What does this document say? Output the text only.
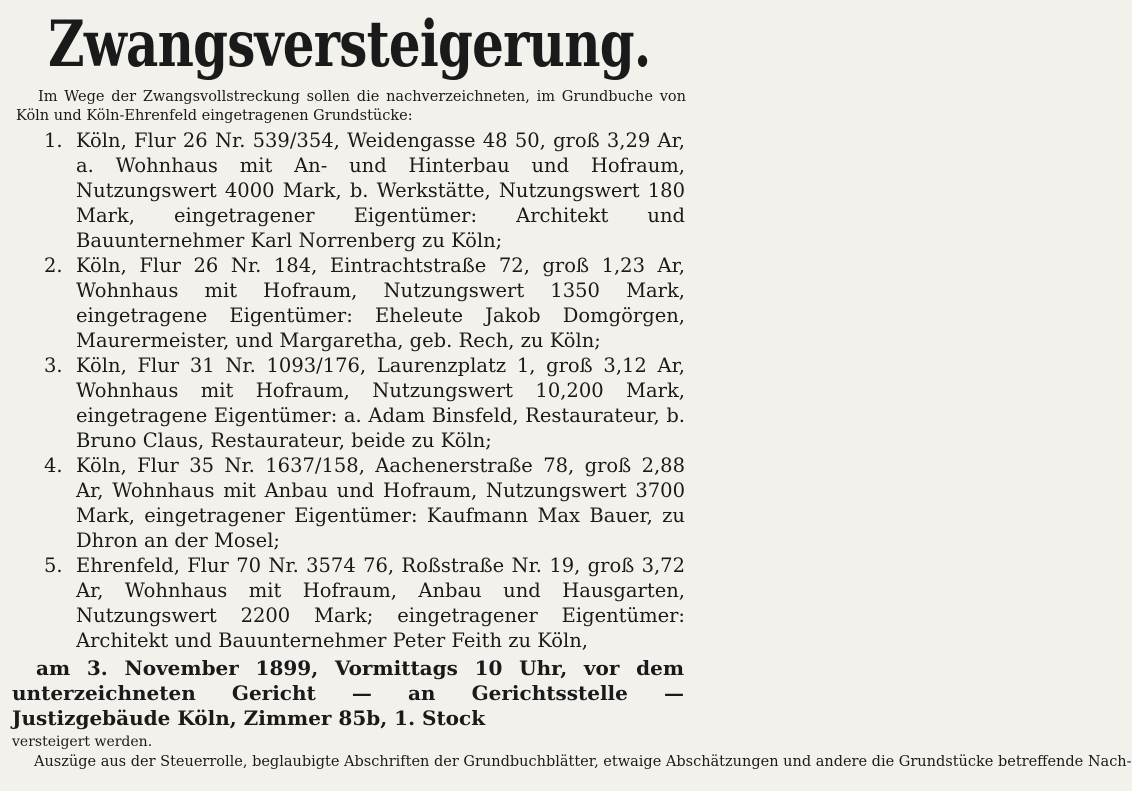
Zwangsversteigerung.
Im Wege der Zwangsvollstreckung sollen die nachverzeichneten, im Grundbuche von Köln und Köln-Ehrenfeld eingetragenen Grundstücke:
1. Köln, Flur 26 Nr. 539/354, Weidengasse 48 50, groß 3,29 Ar, a. Wohnhaus mit An- und Hinterbau und Hofraum, Nutzungswert 4000 Mark, b. Werkstätte, Nutzungswert 180 Mark, eingetragener Eigentümer: Architekt und Bauunternehmer Karl Norrenberg zu Köln;
2. Köln, Flur 26 Nr. 184, Eintrachtstraße 72, groß 1,23 Ar, Wohnhaus mit Hofraum, Nutzungswert 1350 Mark, eingetragene Eigentümer: Eheleute Jakob Domgörgen, Maurermeister, und Margaretha, geb. Rech, zu Köln;
3. Köln, Flur 31 Nr. 1093/176, Laurenzplatz 1, groß 3,12 Ar, Wohnhaus mit Hofraum, Nutzungswert 10,200 Mark, eingetragene Eigentümer: a. Adam Binsfeld, Restaurateur, b. Bruno Claus, Restaurateur, beide zu Köln;
4. Köln, Flur 35 Nr. 1637/158, Aachenerstraße 78, groß 2,88 Ar, Wohnhaus mit Anbau und Hofraum, Nutzungswert 3700 Mark, eingetragener Eigentümer: Kaufmann Max Bauer, zu Dhron an der Mosel;
5. Ehrenfeld, Flur 70 Nr. 3574 76, Roßstraße Nr. 19, groß 3,72 Ar, Wohnhaus mit Hofraum, Anbau und Hausgarten, Nutzungswert 2200 Mark; eingetragener Eigentümer: Architekt und Bauunternehmer Peter Feith zu Köln,
am 3. November 1899, Vormittags 10 Uhr, vor dem unterzeichneten Gericht — an Gerichtsstelle — Justizgebäude Köln, Zimmer 85b, 1. Stock
versteigert werden.
Auszüge aus der Steuerrolle, beglaubigte Abschriften der Grundbuchblätter, etwaige Abschätzungen und andere die Grundstücke betreffende Nach-
